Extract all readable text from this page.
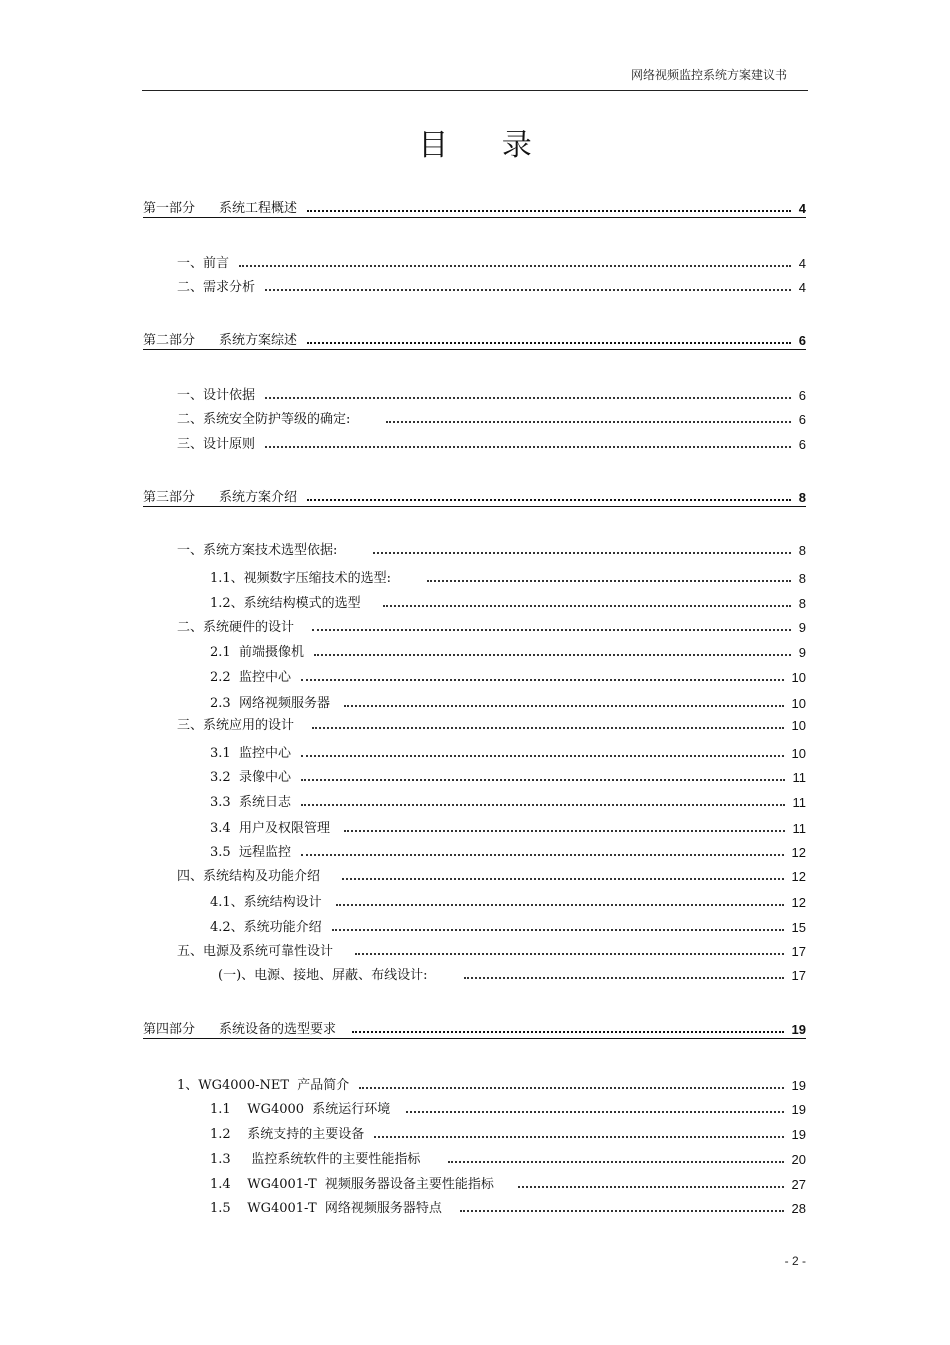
网络视频监控系统方案建议书
目 录
第一部分 系统工程概述	4
一、前言	4
二、需求分析	4
第二部分 系统方案综述	6
一、设计依据	6
二、系统安全防护等级的确定:	6
三、设计原则	6
第三部分 系统方案介绍	8
一、系统方案技术选型依据:	8
1.1、视频数字压缩技术的选型:	8
1.2、系统结构模式的选型	8
二、系统硬件的设计	9
2.1  前端摄像机	9
2.2  监控中心	10
2.3  网络视频服务器	10
三、系统应用的设计	10
3.1  监控中心	10
3.2  录像中心	11
3.3  系统日志	11
3.4  用户及权限管理	11
3.5  远程监控	12
四、系统结构及功能介绍	12
4.1、系统结构设计	12
4.2、系统功能介绍	15
五、电源及系统可靠性设计	17
(一)、电源、接地、屏蔽、布线设计:	17
第四部分 系统设备的选型要求	19
1、WG4000-NET  产品简介	19
1.1    WG4000  系统运行环境	19
1.2    系统支持的主要设备	19
1.3     监控系统软件的主要性能指标	20
1.4    WG4001-T  视频服务器设备主要性能指标	27
1.5    WG4001-T  网络视频服务器特点	28
- 2 -
